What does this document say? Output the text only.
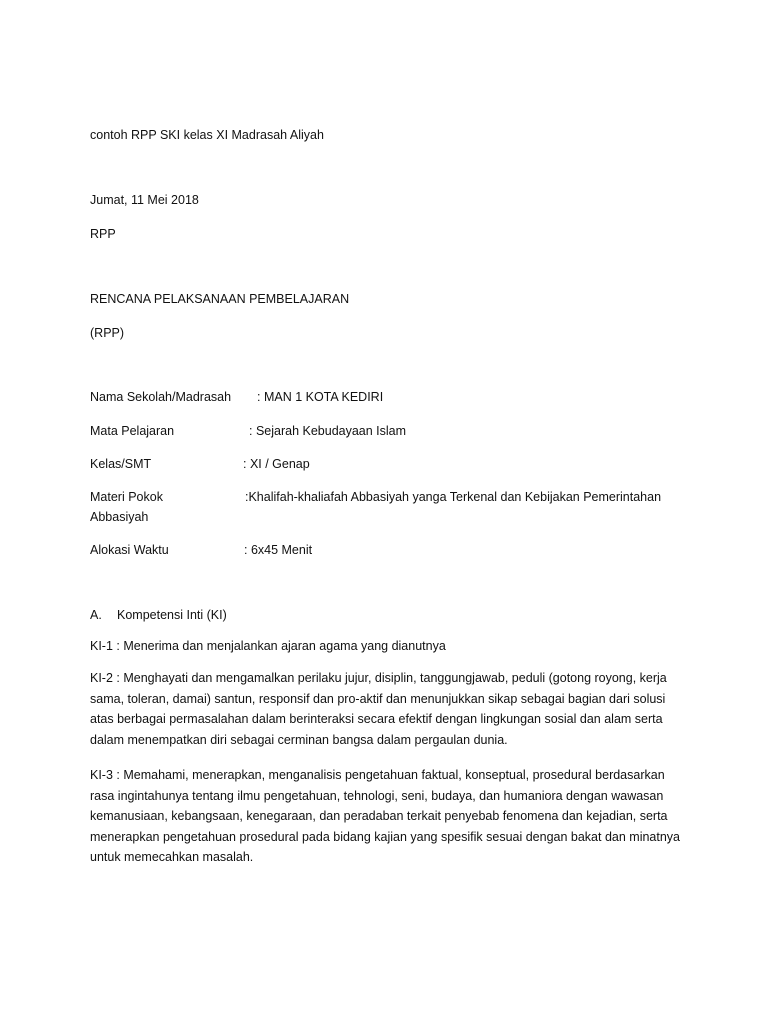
contoh RPP SKI kelas XI Madrasah Aliyah
Jumat, 11 Mei 2018
RPP
RENCANA PELAKSANAAN PEMBELAJARAN
(RPP)
Nama Sekolah/Madrasah : MAN 1 KOTA KEDIRI
Mata Pelajaran	: Sejarah Kebudayaan Islam
Kelas/SMT	: XI / Genap
Materi Pokok	:Khalifah-khaliafah Abbasiyah yanga Terkenal dan Kebijakan Pemerintahan
Abbasiyah
Alokasi Waktu	: 6x45 Menit
A. Kompetensi Inti (KI)
KI-1 : Menerima dan menjalankan ajaran agama yang dianutnya
KI-2 : Menghayati dan mengamalkan perilaku jujur, disiplin, tanggungjawab, peduli (gotong royong, kerja sama, toleran, damai) santun, responsif dan pro-aktif dan menunjukkan sikap sebagai bagian dari solusi atas berbagai permasalahan dalam berinteraksi secara efektif dengan lingkungan sosial dan alam serta dalam menempatkan diri sebagai cerminan bangsa dalam pergaulan dunia.
KI-3 : Memahami, menerapkan, menganalisis pengetahuan faktual, konseptual, prosedural berdasarkan rasa ingintahunya tentang ilmu pengetahuan, tehnologi, seni, budaya, dan humaniora dengan wawasan kemanusiaan, kebangsaan, kenegaraan, dan peradaban terkait penyebab fenomena dan kejadian, serta menerapkan pengetahuan prosedural pada bidang kajian yang spesifik sesuai dengan bakat dan minatnya untuk memecahkan masalah.
